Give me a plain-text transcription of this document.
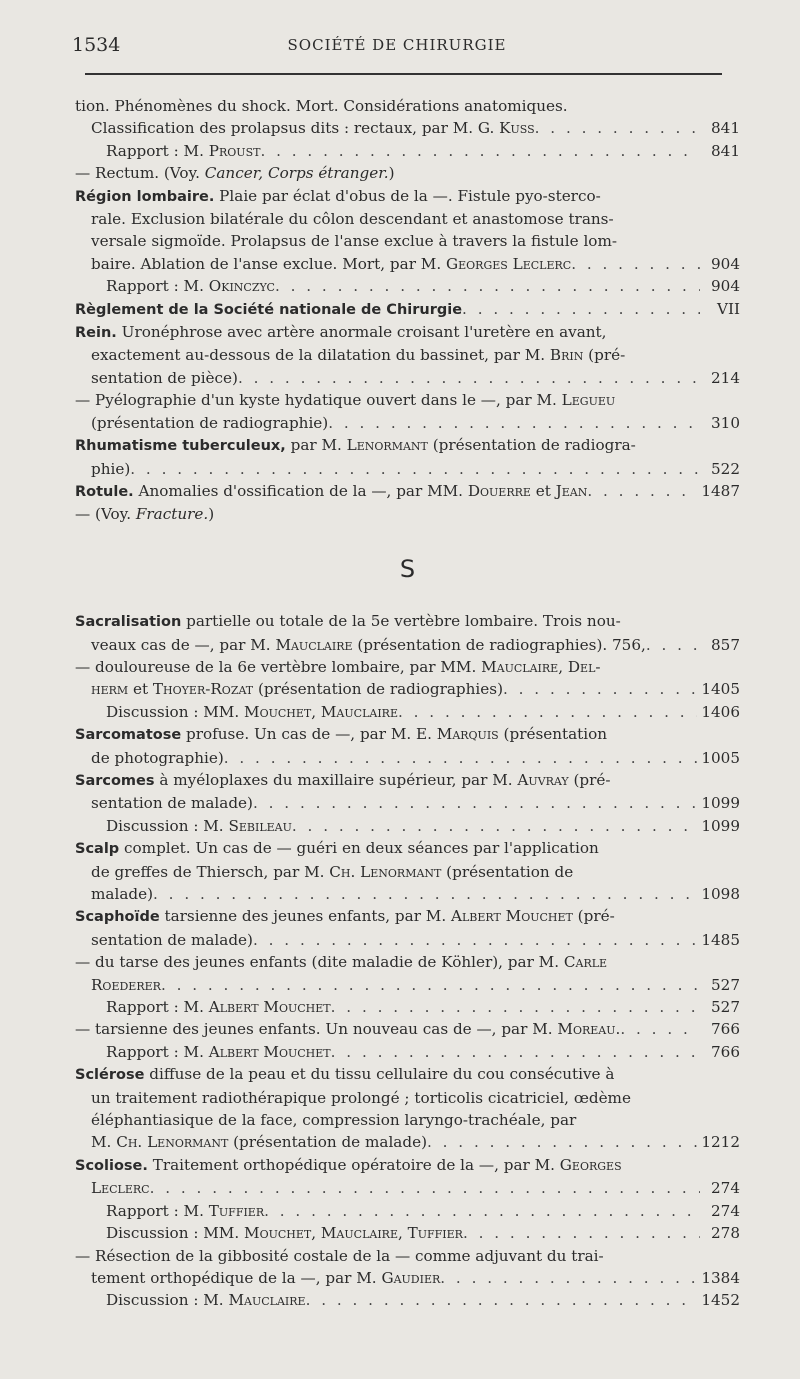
1534	SOCIÉTÉ DE CHIRURGIE
tion. Phénomènes du shock. Mort. Considérations anatomiques.
Classification des prolapsus dits : rectaux, par M. G. Kuss . . .	841
Rapport : M. Proust . . .	841
— Rectum. (Voy. Cancer, Corps étranger.)
Région lombaire. Plaie par éclat d'obus de la —. Fistule pyo-sterco-
rale. Exclusion bilatérale du côlon descendant et anastomose trans-
versale sigmoïde. Prolapsus de l'anse exclue à travers la fistule lom-
baire. Ablation de l'anse exclue. Mort, par M. Georges Leclerc . . .	904
Rapport : M. Okinczyc . . .	904
Règlement de la Société nationale de Chirurgie . . .	VII
Rein. Uronéphrose avec artère anormale croisant l'uretère en avant,
exactement au-dessous de la dilatation du bassinet, par M. Brin (pré-
sentation de pièce) . . .	214
— Pyélographie d'un kyste hydatique ouvert dans le —, par M. Legueu
(présentation de radiographie) . . .	310
Rhumatisme tuberculeux, par M. Lenormant (présentation de radiogra-
phie) . . .	522
Rotule. Anomalies d'ossification de la —, par MM. Douerre et Jean . . .	1487
— (Voy. Fracture.)
S
Sacralisation partielle ou totale de la 5e vertèbre lombaire. Trois nou-
veaux cas de —, par M. Mauclaire (présentation de radiographies). 756, . . .	857
— douloureuse de la 6e vertèbre lombaire, par MM. Mauclaire, Del-
herm et Thoyer-Rozat (présentation de radiographies) . . .	1405
Discussion : MM. Mouchet, Mauclaire . . .	1406
Sarcomatose profuse. Un cas de —, par M. E. Marquis (présentation
de photographie) . . .	1005
Sarcomes à myéloplaxes du maxillaire supérieur, par M. Auvray (pré-
sentation de malade) . . .	1099
Discussion : M. Sebileau . . .	1099
Scalp complet. Un cas de — guéri en deux séances par l'application
de greffes de Thiersch, par M. Ch. Lenormant (présentation de
malade) . . .	1098
Scaphoïde tarsienne des jeunes enfants, par M. Albert Mouchet (pré-
sentation de malade) . . .	1485
— du tarse des jeunes enfants (dite maladie de Köhler), par M. Carle
Roederer . . .	527
Rapport : M. Albert Mouchet . . .	527
— tarsienne des jeunes enfants. Un nouveau cas de —, par M. Moreau. . . .	766
Rapport : M. Albert Mouchet . . .	766
Sclérose diffuse de la peau et du tissu cellulaire du cou consécutive à
un traitement radiothérapique prolongé ; torticolis cicatriciel, œdème
éléphantiasique de la face, compression laryngo-trachéale, par
M. Ch. Lenormant (présentation de malade) . . .	1212
Scoliose. Traitement orthopédique opératoire de la —, par M. Georges
Leclerc . . .	274
Rapport : M. Tuffier . . .	274
Discussion : MM. Mouchet, Mauclaire, Tuffier . . .	278
— Résection de la gibbosité costale de la — comme adjuvant du trai-
tement orthopédique de la —, par M. Gaudier . . .	1384
Discussion : M. Mauclaire . . .	1452
